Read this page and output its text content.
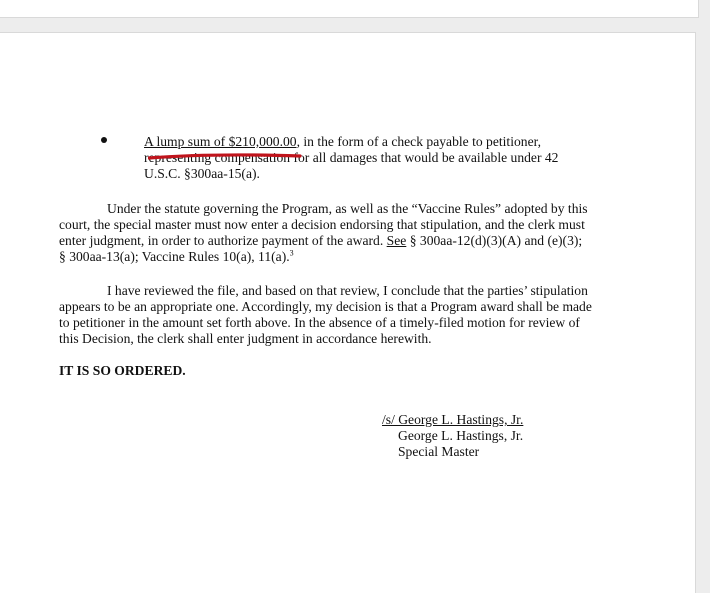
A lump sum of $210,000.00, in the form of a check payable to petitioner,
representing compensation for all damages that would be available under 42
U.S.C. §300aa-15(a).
Under the statute governing the Program, as well as the “Vaccine Rules” adopted by this
court, the special master must now enter a decision endorsing that stipulation, and the clerk must
enter judgment, in order to authorize payment of the award. See § 300aa-12(d)(3)(A) and (e)(3);
§ 300aa-13(a); Vaccine Rules 10(a), 11(a).$^3$
I have reviewed the file, and based on that review, I conclude that the parties’ stipulation
appears to be an appropriate one. Accordingly, my decision is that a Program award shall be made
to petitioner in the amount set forth above. In the absence of a timely-filed motion for review of
this Decision, the clerk shall enter judgment in accordance herewith.
IT IS SO ORDERED.
/s/ George L. Hastings, Jr.
George L. Hastings, Jr.
Special Master
